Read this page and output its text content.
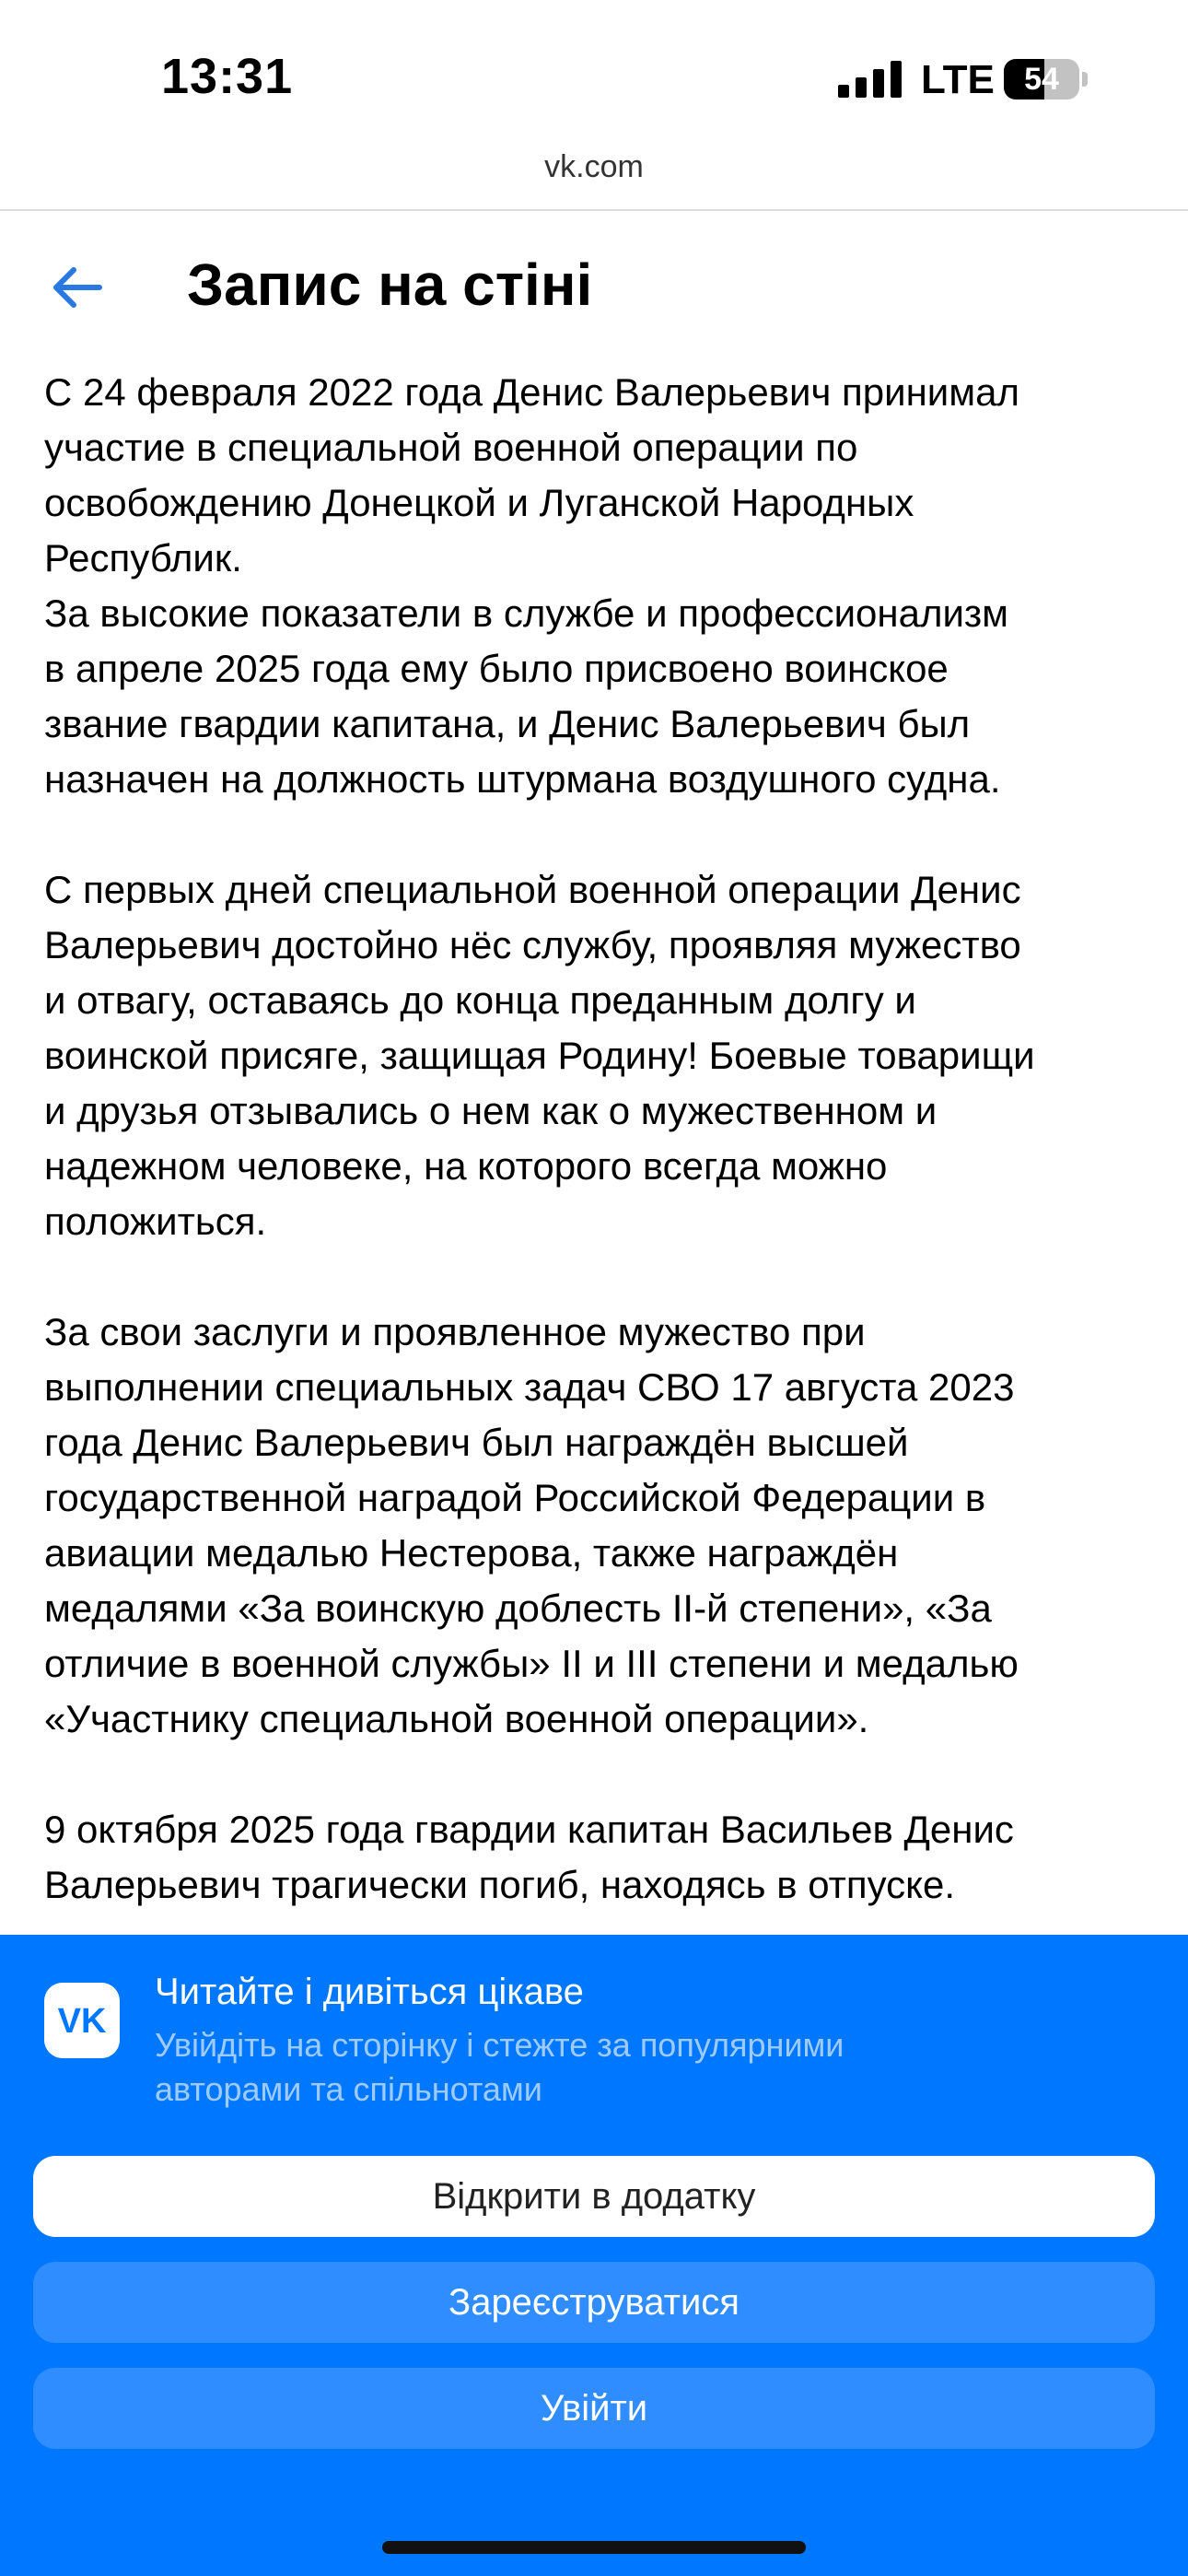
13:31	LTE 54
vk.com
Запис на стіні

С 24 февраля 2022 года Денис Валерьевич принимал
участие в специальной военной операции по
освобождению Донецкой и Луганской Народных
Республик.
За высокие показатели в службе и профессионализм
в апреле 2025 года ему было присвоено воинское
звание гвардии капитана, и Денис Валерьевич был
назначен на должность штурмана воздушного судна.

С первых дней специальной военной операции Денис
Валерьевич достойно нёс службу, проявляя мужество
и отвагу, оставаясь до конца преданным долгу и
воинской присяге, защищая Родину! Боевые товарищи
и друзья отзывались о нем как о мужественном и
надежном человеке, на которого всегда можно
положиться.

За свои заслуги и проявленное мужество при
выполнении специальных задач СВО 17 августа 2023
года Денис Валерьевич был награждён высшей
государственной наградой Российской Федерации в
авиации медалью Нестерова, также награждён
медалями «За воинскую доблесть II-й степени», «За
отличие в военной службы» II и III степени и медалью
«Участнику специальной военной операции».

9 октября 2025 года гвардии капитан Васильев Денис
Валерьевич трагически погиб, находясь в отпуске.

VK
Читайте і дивіться цікаве
Увійдіть на сторінку і стежте за популярними
авторами та спільнотами
Відкрити в додатку
Зареєструватися
Увійти
